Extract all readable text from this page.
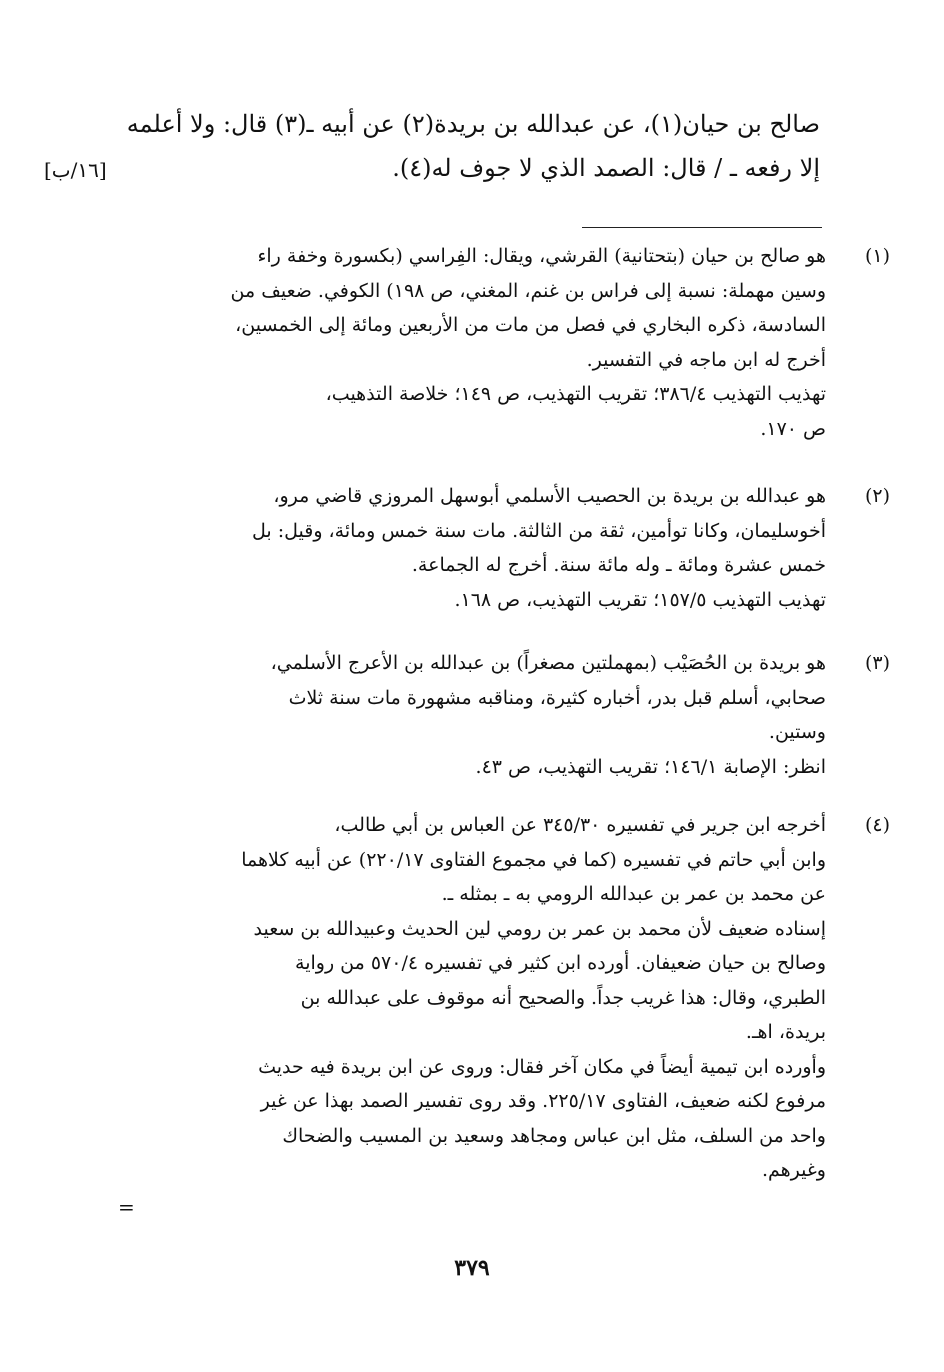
صالح بن حيان(١)، عن عبدالله بن بريدة(٢) عن أبيه ـ(٣) قال: ولا أعلمه
إلا رفعه ـ / قال: الصمد الذي لا جوف له(٤).
[١٦/ب]
(١)
هو صالح بن حيان (بتحتانية) القرشي، ويقال: الفِراسي (بكسورة وخفة راء
وسين مهملة: نسبة إلى فراس بن غنم، المغني، ص ١٩٨) الكوفي. ضعيف من
السادسة، ذكره البخاري في فصل من مات من الأربعين ومائة إلى الخمسين،
أخرج له ابن ماجه في التفسير.
تهذيب التهذيب ٣٨٦/٤؛ تقريب التهذيب، ص ١٤٩؛ خلاصة التذهيب،
ص ١٧٠.
(٢)
هو عبدالله بن بريدة بن الحصيب الأسلمي أبوسهل المروزي قاضي مرو،
أخوسليمان، وكانا توأمين، ثقة من الثالثة. مات سنة خمس ومائة، وقيل: بل
خمس عشرة ومائة ـ وله مائة سنة. أخرج له الجماعة.
تهذيب التهذيب ١٥٧/٥؛ تقريب التهذيب، ص ١٦٨.
(٣)
هو بريدة بن الحُصَيْب (بمهملتين مصغراً) بن عبدالله بن الأعرج الأسلمي،
صحابي، أسلم قبل بدر، أخباره كثيرة، ومناقبه مشهورة مات سنة ثلاث
وستين.
انظر: الإصابة ١٤٦/١؛ تقريب التهذيب، ص ٤٣.
(٤)
أخرجه ابن جرير في تفسيره ٣٤٥/٣٠ عن العباس بن أبي طالب،
وابن أبي حاتم في تفسيره (كما في مجموع الفتاوى ٢٢٠/١٧) عن أبيه كلاهما
عن محمد بن عمر بن عبدالله الرومي به ـ بمثله ـ.
إسناده ضعيف لأن محمد بن عمر بن رومي لين الحديث وعبيدالله بن سعيد
وصالح بن حيان ضعيفان. أورده ابن كثير في تفسيره ٥٧٠/٤ من رواية
الطبري، وقال: هذا غريب جداً. والصحيح أنه موقوف على عبدالله بن
بريدة، اهـ.
وأورده ابن تيمية أيضاً في مكان آخر فقال: وروى عن ابن بريدة فيه حديث
مرفوع لكنه ضعيف، الفتاوى ٢٢٥/١٧. وقد روى تفسير الصمد بهذا عن غير
واحد من السلف، مثل ابن عباس ومجاهد وسعيد بن المسيب والضحاك
وغيرهم.
=
٣٧٩
